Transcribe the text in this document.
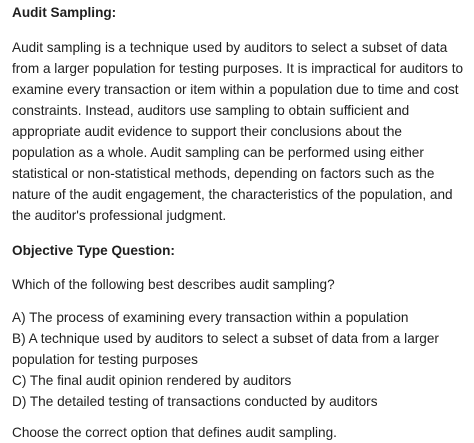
Audit Sampling:

Audit sampling is a technique used by auditors to select a subset of data from a larger population for testing purposes. It is impractical for auditors to examine every transaction or item within a population due to time and cost constraints. Instead, auditors use sampling to obtain sufficient and appropriate audit evidence to support their conclusions about the population as a whole. Audit sampling can be performed using either statistical or non-statistical methods, depending on factors such as the nature of the audit engagement, the characteristics of the population, and the auditor's professional judgment.

Objective Type Question:

Which of the following best describes audit sampling?

A) The process of examining every transaction within a population

B) A technique used by auditors to select a subset of data from a larger population for testing purposes

C) The final audit opinion rendered by auditors

D) The detailed testing of transactions conducted by auditors

Choose the correct option that defines audit sampling.
